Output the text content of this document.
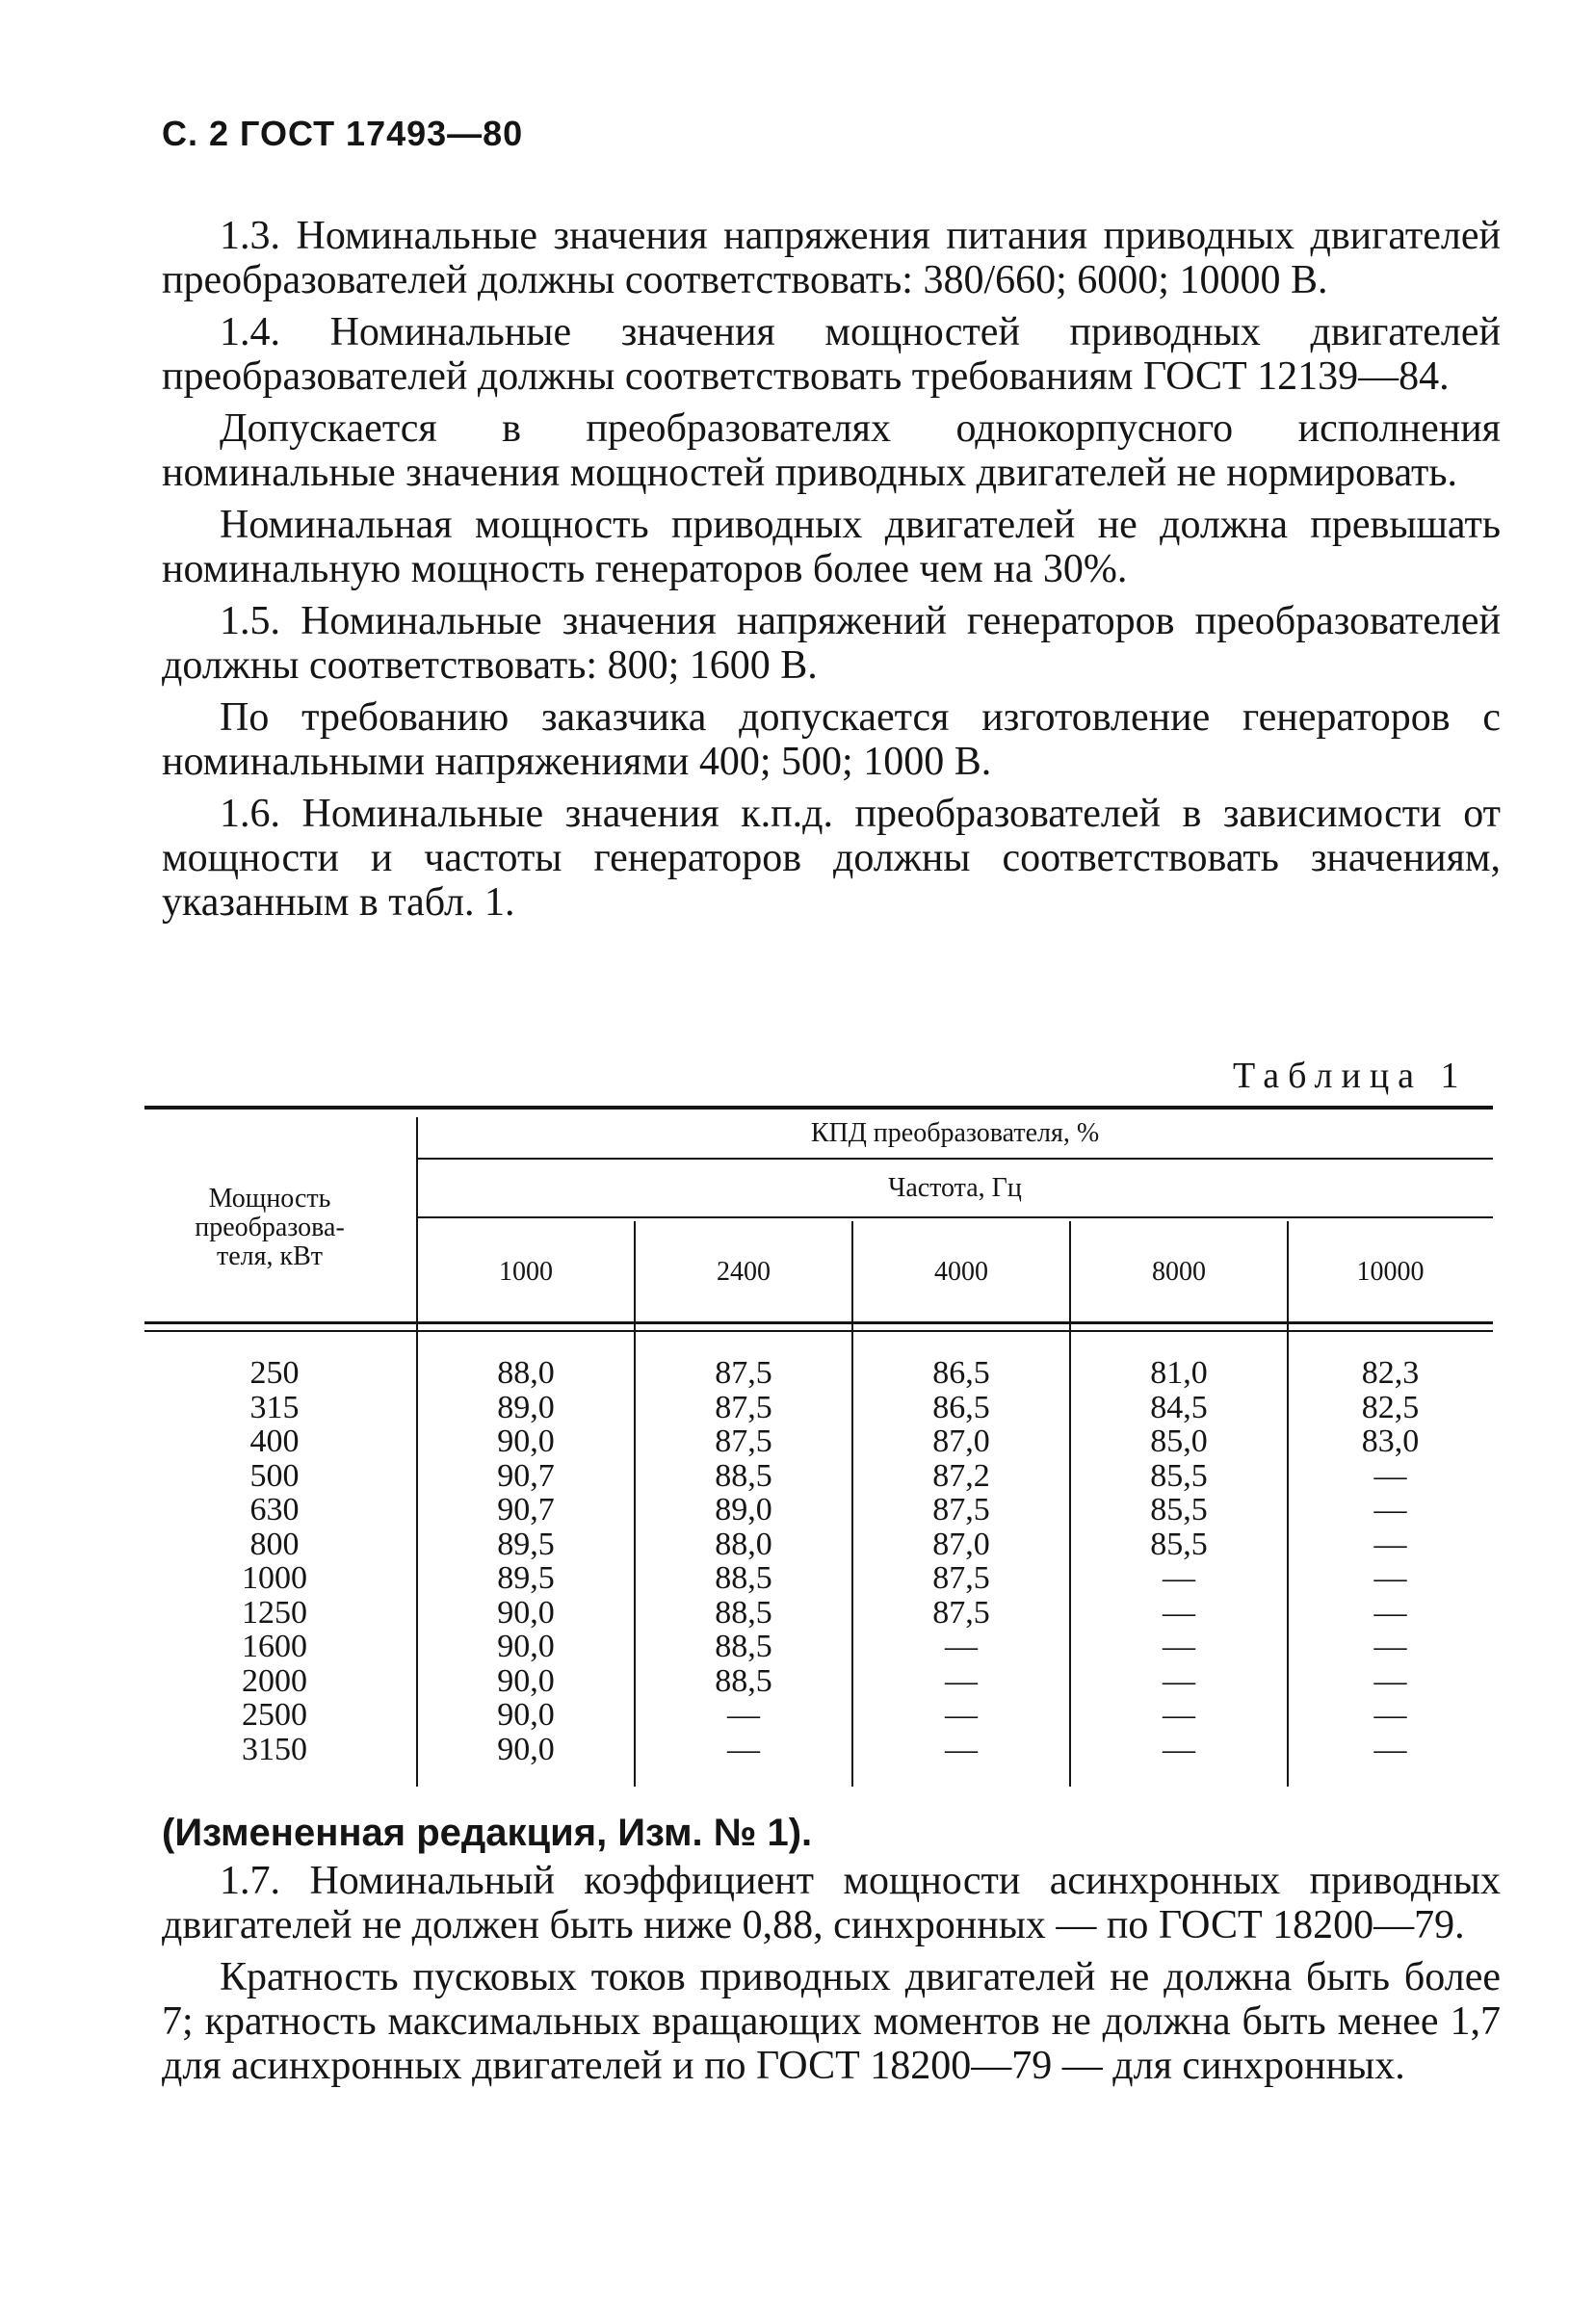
С. 2 ГОСТ 17493—80

1.3. Номинальные значения напряжения питания приводных двигателей преобразователей должны соответствовать: 380/660; 6000; 10000 В.

1.4. Номинальные значения мощностей приводных двигателей преобразователей должны соответствовать требованиям ГОСТ 12139—84.

Допускается в преобразователях однокорпусного исполнения номинальные значения мощностей приводных двигателей не нормировать.

Номинальная мощность приводных двигателей не должна превышать номинальную мощность генераторов более чем на 30%.

1.5. Номинальные значения напряжений генераторов преобразователей должны соответствовать: 800; 1600 В.

По требованию заказчика допускается изготовление генераторов с номинальными напряжениями 400; 500; 1000 В.

1.6. Номинальные значения к.п.д. преобразователей в зависимости от мощности и частоты генераторов должны соответствовать значениям, указанным в табл. 1.

Таблица 1
Мощность преобразова-теля, кВт
КПД преобразователя, %
Частота, Гц
1000	2400	4000	8000	10000
250	88,0	87,5	86,5	81,0	82,3
315	89,0	87,5	86,5	84,5	82,5
400	90,0	87,5	87,0	85,0	83,0
500	90,7	88,5	87,2	85,5	—
630	90,7	89,0	87,5	85,5	—
800	89,5	88,0	87,0	85,5	—
1000	89,5	88,5	87,5	—	—
1250	90,0	88,5	87,5	—	—
1600	90,0	88,5	—	—	—
2000	90,0	88,5	—	—	—
2500	90,0	—	—	—	—
3150	90,0	—	—	—	—

(Измененная редакция, Изм. № 1).

1.7. Номинальный коэффициент мощности асинхронных приводных двигателей не должен быть ниже 0,88, синхронных — по ГОСТ 18200—79.

Кратность пусковых токов приводных двигателей не должна быть более 7; кратность максимальных вращающих моментов не должна быть менее 1,7 для асинхронных двигателей и по ГОСТ 18200—79 — для синхронных.
